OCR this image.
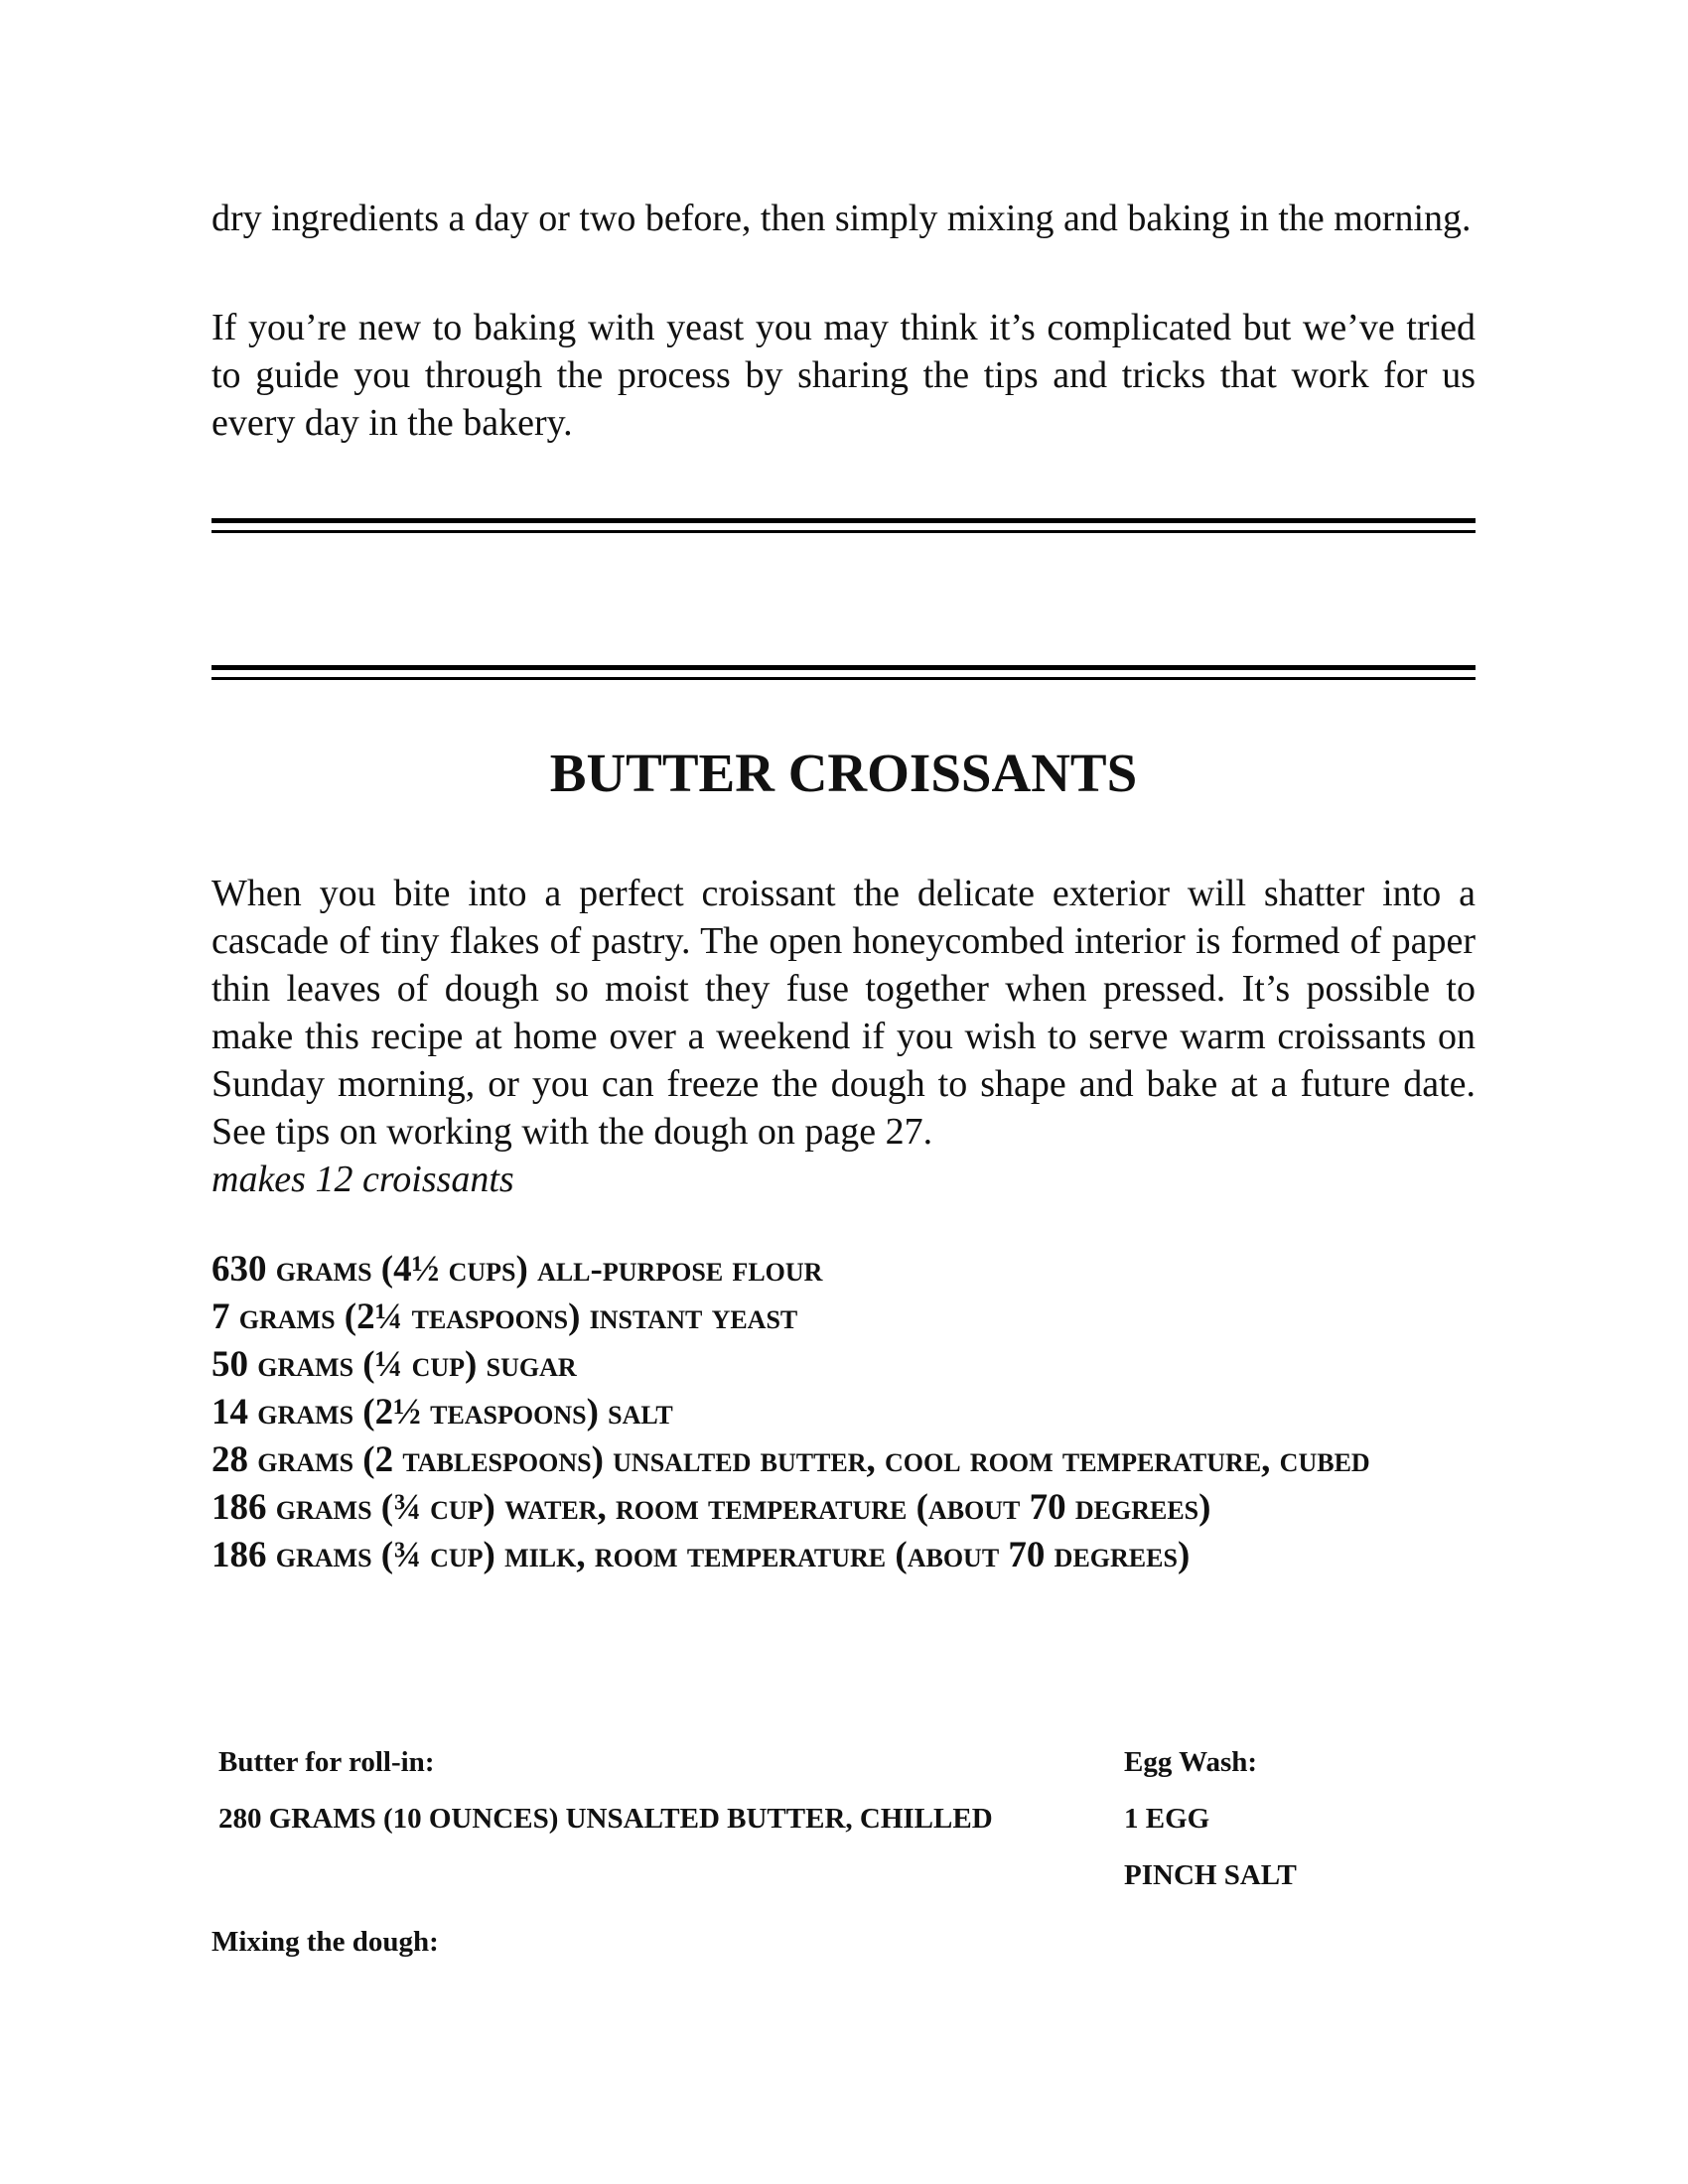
dry ingredients a day or two before, then simply mixing and baking in the morning.

If you’re new to baking with yeast you may think it’s complicated but we’ve tried to guide you through the process by sharing the tips and tricks that work for us every day in the bakery.

BUTTER CROISSANTS

When you bite into a perfect croissant the delicate exterior will shatter into a cascade of tiny flakes of pastry. The open honeycombed interior is formed of paper thin leaves of dough so moist they fuse together when pressed. It’s possible to make this recipe at home over a weekend if you wish to serve warm croissants on Sunday morning, or you can freeze the dough to shape and bake at a future date. See tips on working with the dough on page 27.
makes 12 croissants

630 grams (4½ cups) all-purpose flour

7 grams (2¼ teaspoons) instant yeast

50 grams (¼ cup) sugar

14 grams (2½ teaspoons) salt

28 grams (2 tablespoons) unsalted butter, cool room temperature, cubed

186 grams (¾ cup) water, room temperature (about 70 degrees)

186 grams (¾ cup) milk, room temperature (about 70 degrees)

Butter for roll-in:
280 GRAMS (10 OUNCES) UNSALTED BUTTER, CHILLED
Egg Wash:
1 EGG
PINCH SALT
Mixing the dough:
